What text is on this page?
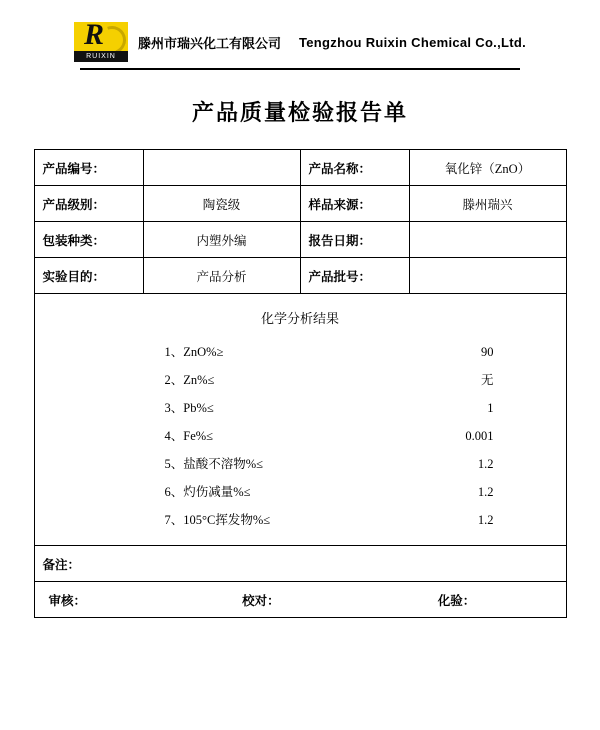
R
RUIXIN
滕州市瑞兴化工有限公司 Tengzhou Ruixin Chemical Co.,Ltd.
产品质量检验报告单
产品编号：		产品名称：	氧化锌（ZnO）
产品级别：	陶瓷级	样品来源：	滕州瑞兴
包装种类：	内塑外编	报告日期：	
实验目的：	产品分析	产品批号：	

化学分析结果
1、ZnO%≥	90
2、Zn%≤	无
3、Pb%≤	1
4、Fe%≤	0.001
5、盐酸不溶物%≤	1.2
6、灼伤减量%≤	1.2
7、105°C挥发物%≤	1.2

备注：			

审核： 校对： 化验：			
